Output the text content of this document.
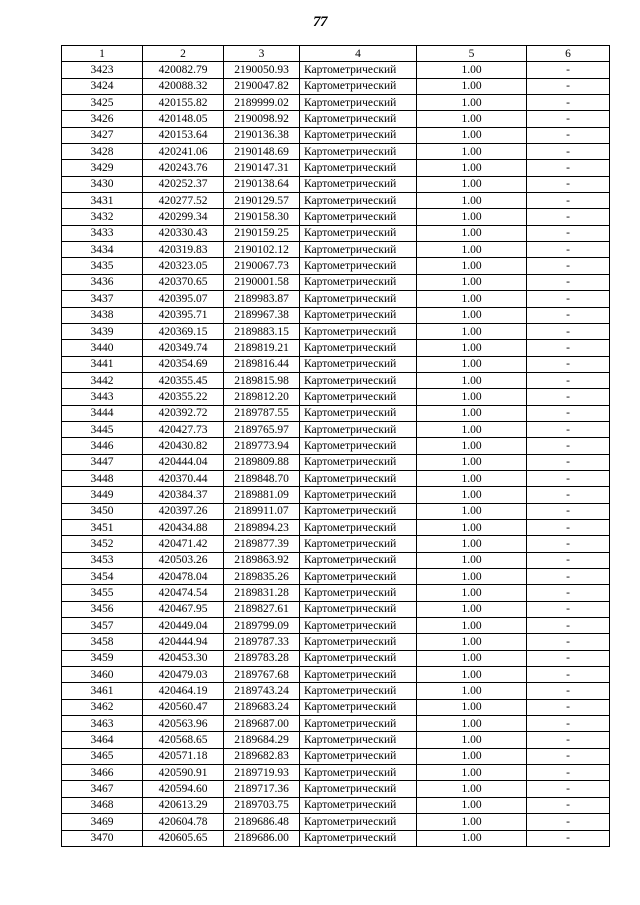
77
1	2	3	4	5	6
3423	420082.79	2190050.93	Картометрический	1.00	-
3424	420088.32	2190047.82	Картометрический	1.00	-
3425	420155.82	2189999.02	Картометрический	1.00	-
3426	420148.05	2190098.92	Картометрический	1.00	-
3427	420153.64	2190136.38	Картометрический	1.00	-
3428	420241.06	2190148.69	Картометрический	1.00	-
3429	420243.76	2190147.31	Картометрический	1.00	-
3430	420252.37	2190138.64	Картометрический	1.00	-
3431	420277.52	2190129.57	Картометрический	1.00	-
3432	420299.34	2190158.30	Картометрический	1.00	-
3433	420330.43	2190159.25	Картометрический	1.00	-
3434	420319.83	2190102.12	Картометрический	1.00	-
3435	420323.05	2190067.73	Картометрический	1.00	-
3436	420370.65	2190001.58	Картометрический	1.00	-
3437	420395.07	2189983.87	Картометрический	1.00	-
3438	420395.71	2189967.38	Картометрический	1.00	-
3439	420369.15	2189883.15	Картометрический	1.00	-
3440	420349.74	2189819.21	Картометрический	1.00	-
3441	420354.69	2189816.44	Картометрический	1.00	-
3442	420355.45	2189815.98	Картометрический	1.00	-
3443	420355.22	2189812.20	Картометрический	1.00	-
3444	420392.72	2189787.55	Картометрический	1.00	-
3445	420427.73	2189765.97	Картометрический	1.00	-
3446	420430.82	2189773.94	Картометрический	1.00	-
3447	420444.04	2189809.88	Картометрический	1.00	-
3448	420370.44	2189848.70	Картометрический	1.00	-
3449	420384.37	2189881.09	Картометрический	1.00	-
3450	420397.26	2189911.07	Картометрический	1.00	-
3451	420434.88	2189894.23	Картометрический	1.00	-
3452	420471.42	2189877.39	Картометрический	1.00	-
3453	420503.26	2189863.92	Картометрический	1.00	-
3454	420478.04	2189835.26	Картометрический	1.00	-
3455	420474.54	2189831.28	Картометрический	1.00	-
3456	420467.95	2189827.61	Картометрический	1.00	-
3457	420449.04	2189799.09	Картометрический	1.00	-
3458	420444.94	2189787.33	Картометрический	1.00	-
3459	420453.30	2189783.28	Картометрический	1.00	-
3460	420479.03	2189767.68	Картометрический	1.00	-
3461	420464.19	2189743.24	Картометрический	1.00	-
3462	420560.47	2189683.24	Картометрический	1.00	-
3463	420563.96	2189687.00	Картометрический	1.00	-
3464	420568.65	2189684.29	Картометрический	1.00	-
3465	420571.18	2189682.83	Картометрический	1.00	-
3466	420590.91	2189719.93	Картометрический	1.00	-
3467	420594.60	2189717.36	Картометрический	1.00	-
3468	420613.29	2189703.75	Картометрический	1.00	-
3469	420604.78	2189686.48	Картометрический	1.00	-
3470	420605.65	2189686.00	Картометрический	1.00	-
